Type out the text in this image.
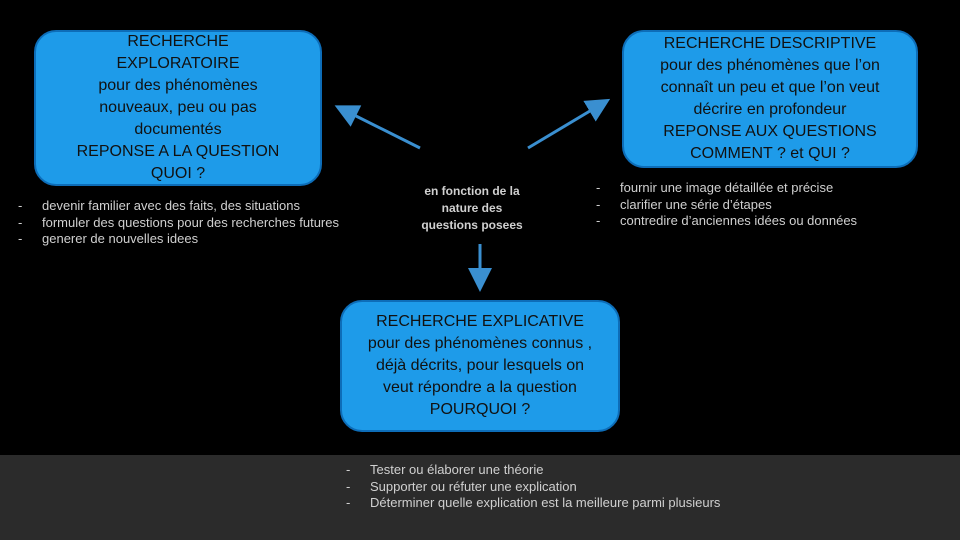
RECHERCHE
EXPLORATOIRE
pour des phénomènes
nouveaux, peu ou pas
documentés
REPONSE A LA QUESTION
QUOI ?
RECHERCHE DESCRIPTIVE
pour des phénomènes que l’on
connaît un peu et que l’on veut
décrire en profondeur
REPONSE AUX QUESTIONS
COMMENT ? et QUI ?
en fonction de la
nature des
questions posees
- devenir familier avec des faits, des situations
- formuler des questions pour des recherches futures
- generer de nouvelles idees
- fournir une image détaillée et précise
- clarifier une série d’étapes
- contredire d’anciennes idées ou données
RECHERCHE EXPLICATIVE
pour des phénomènes connus ,
déjà décrits, pour lesquels on
veut répondre a la question
POURQUOI ?
- Tester ou élaborer une théorie
- Supporter ou réfuter une explication
- Déterminer quelle explication est la meilleure parmi plusieurs
